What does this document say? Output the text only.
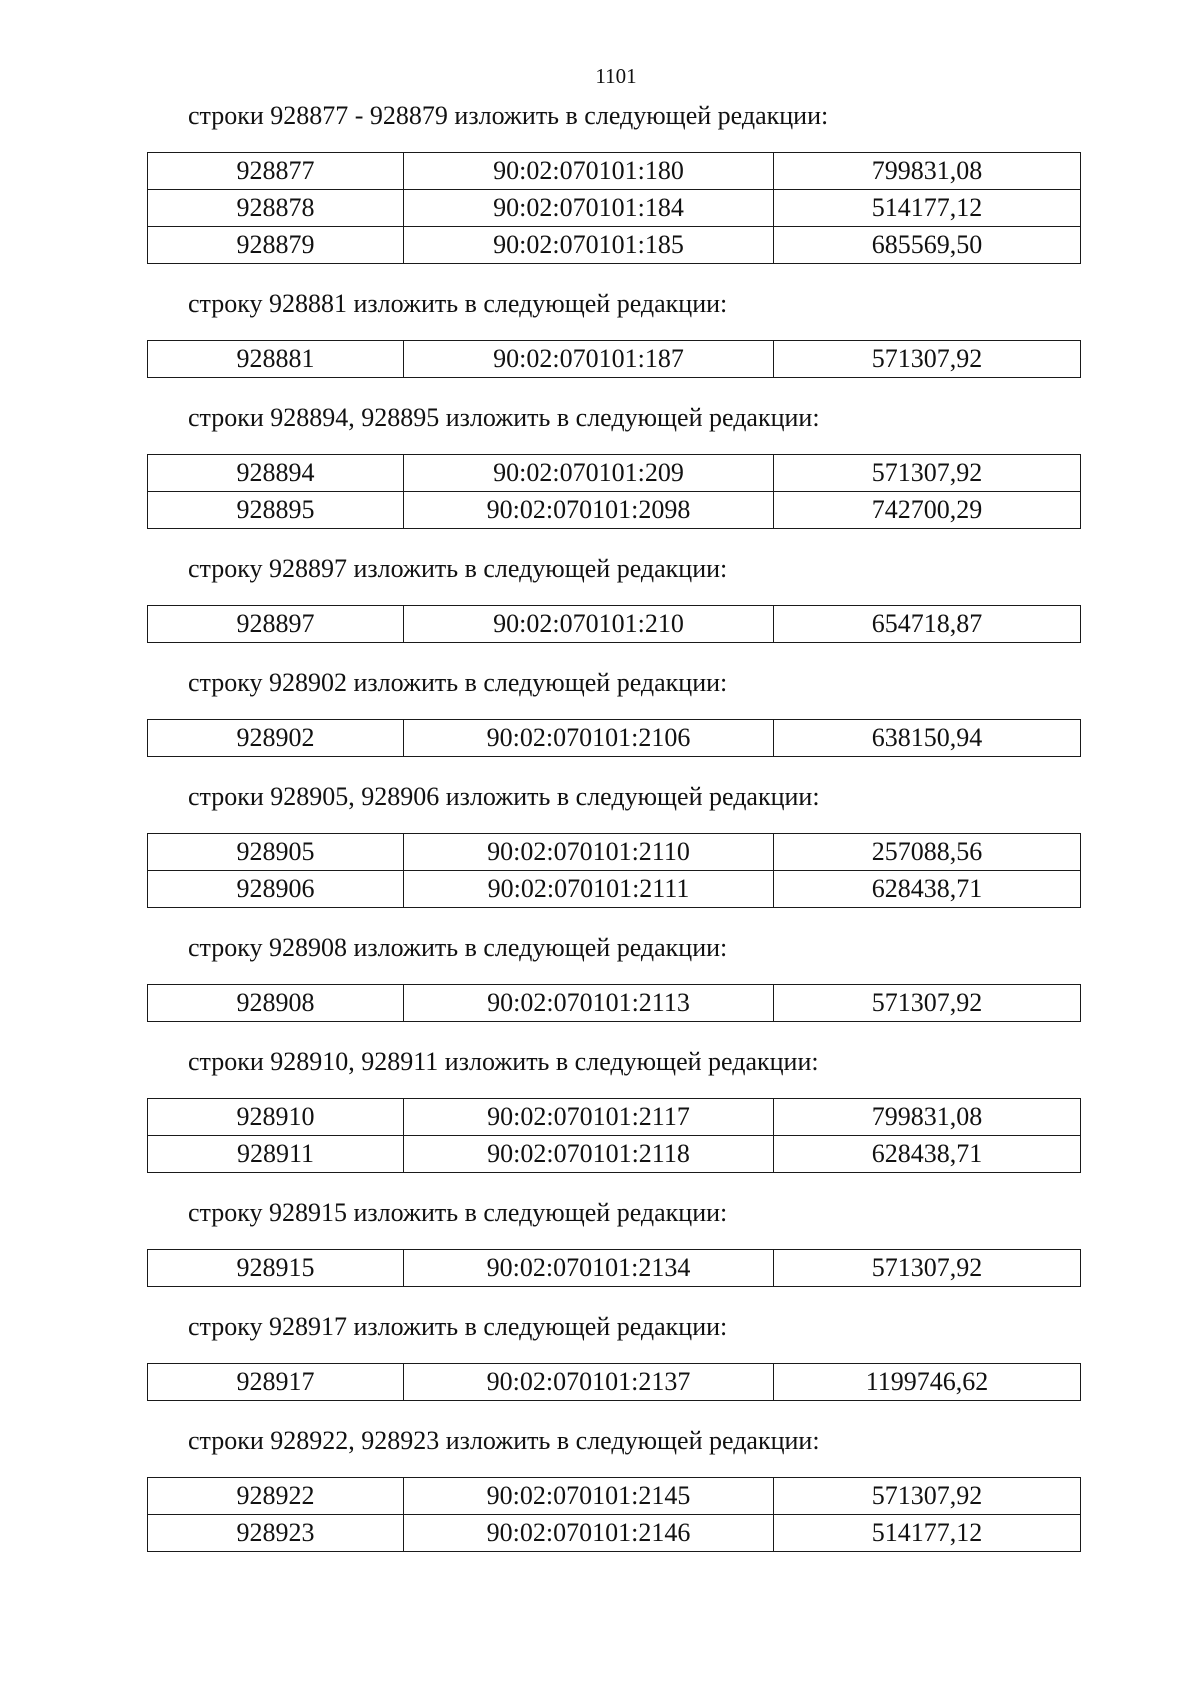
1101

строки 928877 - 928879 изложить в следующей редакции:

928877	90:02:070101:180	799831,08
928878	90:02:070101:184	514177,12
928879	90:02:070101:185	685569,50

строку 928881 изложить в следующей редакции:

928881	90:02:070101:187	571307,92

строки 928894, 928895 изложить в следующей редакции:

928894	90:02:070101:209	571307,92
928895	90:02:070101:2098	742700,29

строку 928897 изложить в следующей редакции:

928897	90:02:070101:210	654718,87

строку 928902 изложить в следующей редакции:

928902	90:02:070101:2106	638150,94

строки 928905, 928906 изложить в следующей редакции:

928905	90:02:070101:2110	257088,56
928906	90:02:070101:2111	628438,71

строку 928908 изложить в следующей редакции:

928908	90:02:070101:2113	571307,92

строки 928910, 928911 изложить в следующей редакции:

928910	90:02:070101:2117	799831,08
928911	90:02:070101:2118	628438,71

строку 928915 изложить в следующей редакции:

928915	90:02:070101:2134	571307,92

строку 928917 изложить в следующей редакции:

928917	90:02:070101:2137	1199746,62

строки 928922, 928923 изложить в следующей редакции:

928922	90:02:070101:2145	571307,92
928923	90:02:070101:2146	514177,12
